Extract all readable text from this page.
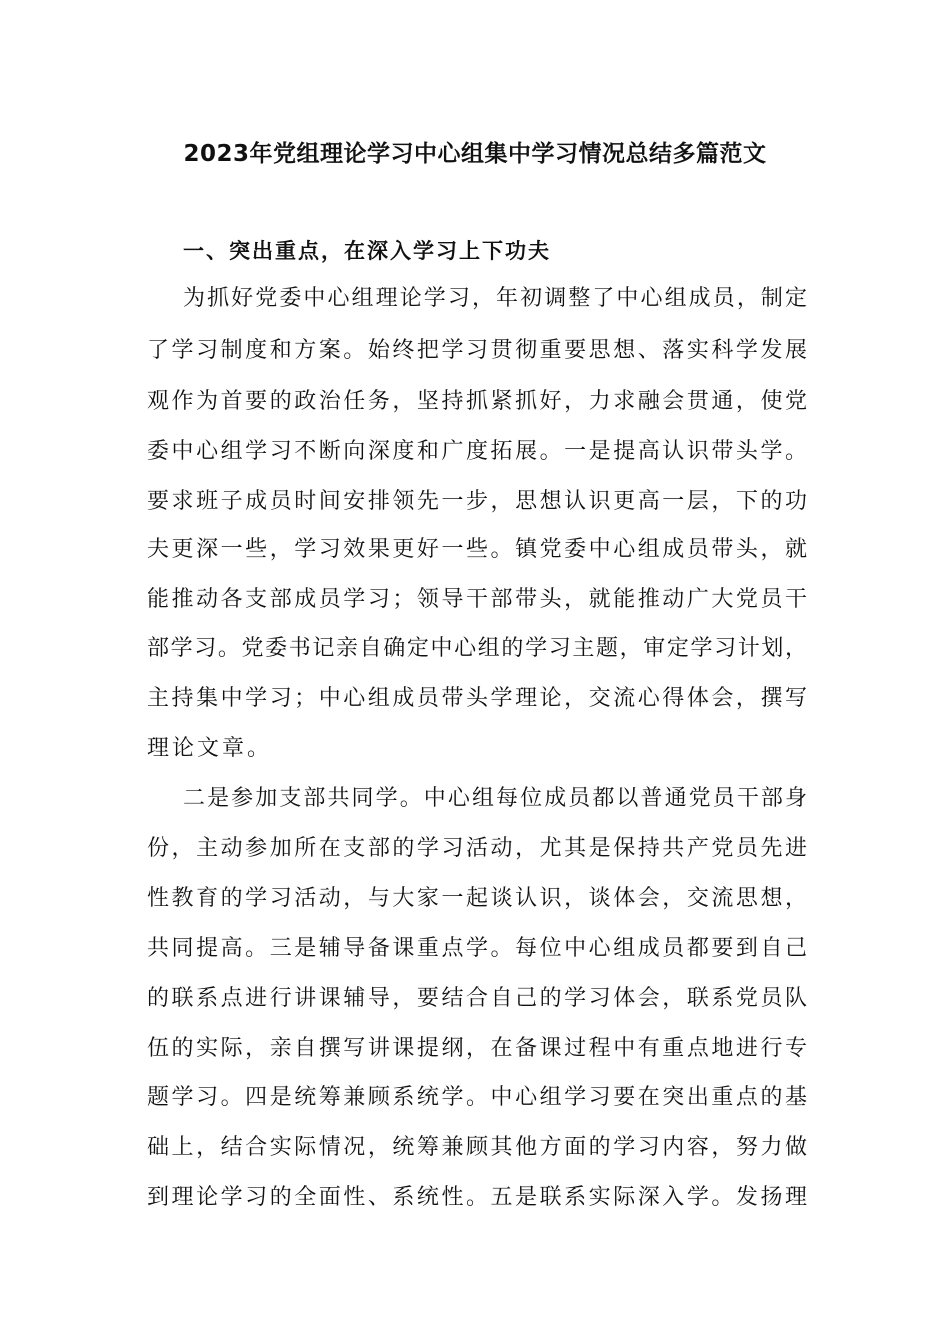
2023年党组理论学习中心组集中学习情况总结多篇范文
一、突出重点，在深入学习上下功夫
为抓好党委中心组理论学习，年初调整了中心组成员，制定
了学习制度和方案。始终把学习贯彻重要思想、落实科学发展
观作为首要的政治任务，坚持抓紧抓好，力求融会贯通，使党
委中心组学习不断向深度和广度拓展。一是提高认识带头学。
要求班子成员时间安排领先一步，思想认识更高一层，下的功
夫更深一些，学习效果更好一些。镇党委中心组成员带头，就
能推动各支部成员学习；领导干部带头，就能推动广大党员干
部学习。党委书记亲自确定中心组的学习主题，审定学习计划，
主持集中学习；中心组成员带头学理论，交流心得体会，撰写
理论文章。
二是参加支部共同学。中心组每位成员都以普通党员干部身
份，主动参加所在支部的学习活动，尤其是保持共产党员先进
性教育的学习活动，与大家一起谈认识，谈体会，交流思想，
共同提高。三是辅导备课重点学。每位中心组成员都要到自己
的联系点进行讲课辅导，要结合自己的学习体会，联系党员队
伍的实际，亲自撰写讲课提纲，在备课过程中有重点地进行专
题学习。四是统筹兼顾系统学。中心组学习要在突出重点的基
础上，结合实际情况，统筹兼顾其他方面的学习内容，努力做
到理论学习的全面性、系统性。五是联系实际深入学。发扬理
